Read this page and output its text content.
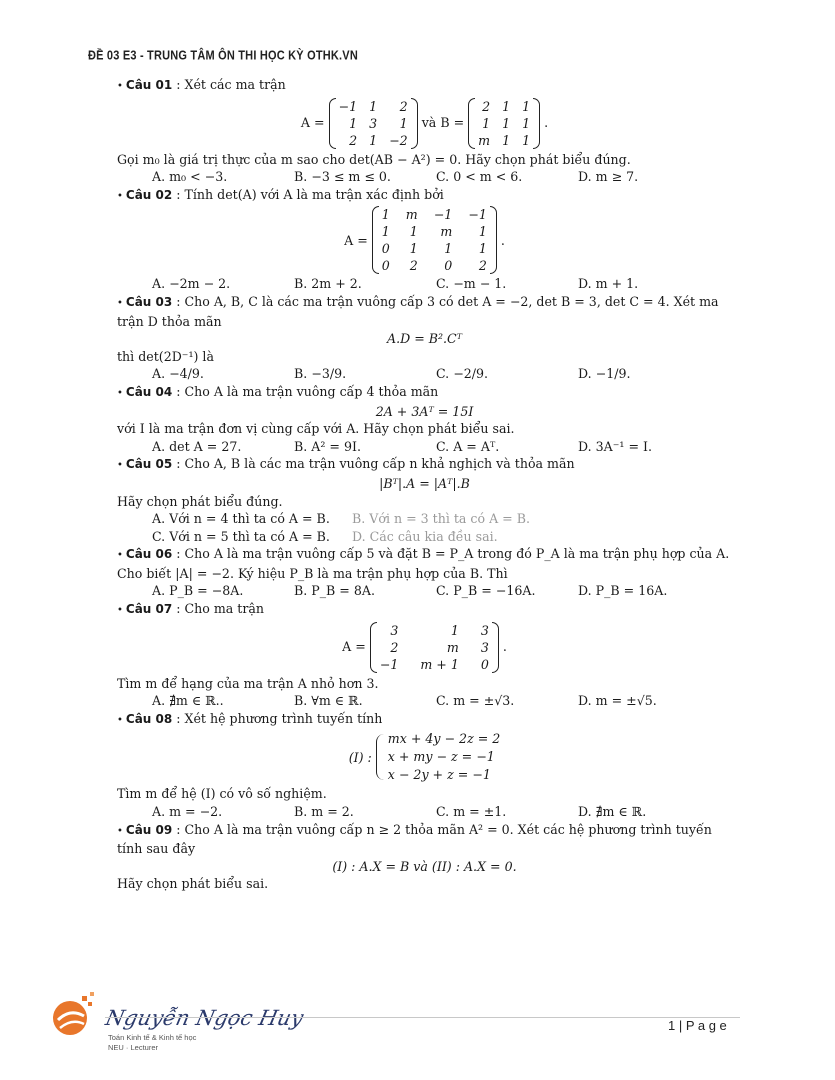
ĐỀ 03 E3 - TRUNG TÂM ÔN THI HỌC KỲ OTHK.VN
• Câu 01 : Xét các ma trận
A =
−1 1	2
1 3	1
2 1 −2
và B =
2 1 1
1 1 1
m 1 1
.
Gọi m₀ là giá trị thực của m sao cho det(AB − A²) = 0. Hãy chọn phát biểu đúng.
A. m₀ < −3.	B. −3 ≤ m ≤ 0.	C. 0 < m < 6.	D. m ≥ 7.
• Câu 02 : Tính det(A) với A là ma trận xác định bởi
A =
1 m −1 −1
1	1	m	1
0	1	1	1
0	2	0	2
.
A. −2m − 2.	B. 2m + 2.	C. −m − 1.	D. m + 1.
• Câu 03 : Cho A, B, C là các ma trận vuông cấp 3 có det A = −2, det B = 3, det C = 4. Xét ma
trận D thỏa mãn
A.D = B².Cᵀ
thì det(2D⁻¹) là
A. −4/9.	B. −3/9.	C. −2/9.	D. −1/9.
• Câu 04 : Cho A là ma trận vuông cấp 4 thỏa mãn
2A + 3Aᵀ = 15I
với I là ma trận đơn vị cùng cấp với A. Hãy chọn phát biểu sai.
A. det A = 27.	B. A² = 9I.	C. A = Aᵀ.	D. 3A⁻¹ = I.
• Câu 05 : Cho A, B là các ma trận vuông cấp n khả nghịch và thỏa mãn
|Bᵀ|.A = |Aᵀ|.B
Hãy chọn phát biểu đúng.
A. Với n = 4 thì ta có A = B.	B. Với n = 3 thì ta có A = B.
C. Với n = 5 thì ta có A = B.	D. Các câu kia đều sai.
• Câu 06 : Cho A là ma trận vuông cấp 5 và đặt B = P_A trong đó P_A là ma trận phụ hợp của A.
Cho biết |A| = −2. Ký hiệu P_B là ma trận phụ hợp của B. Thì
A. P_B = −8A.	B. P_B = 8A.	C. P_B = −16A.	D. P_B = 16A.
• Câu 07 : Cho ma trận
A =
3	1 3
2	m 3
−1 m + 1 0
.
Tìm m để hạng của ma trận A nhỏ hơn 3.
A. ∄m ∈ ℝ..	B. ∀m ∈ ℝ.	C. m = ±√3.	D. m = ±√5.
• Câu 08 : Xét hệ phương trình tuyến tính
(I) :
mx + 4y − 2z = 2
x + my − z = −1
x − 2y + z = −1
Tìm m để hệ (I) có vô số nghiệm.
A. m = −2.	B. m = 2.	C. m = ±1.	D. ∄m ∈ ℝ.
• Câu 09 : Cho A là ma trận vuông cấp n ≥ 2 thỏa mãn A² = 0. Xét các hệ phương trình tuyến
tính sau đây
(I) : A.X = B và (II) : A.X = 0.
Hãy chọn phát biểu sai.
Nguyễn Ngọc Huy
Toán Kinh tế & Kinh tế học
NEU · Lecturer
1 | P a g e
